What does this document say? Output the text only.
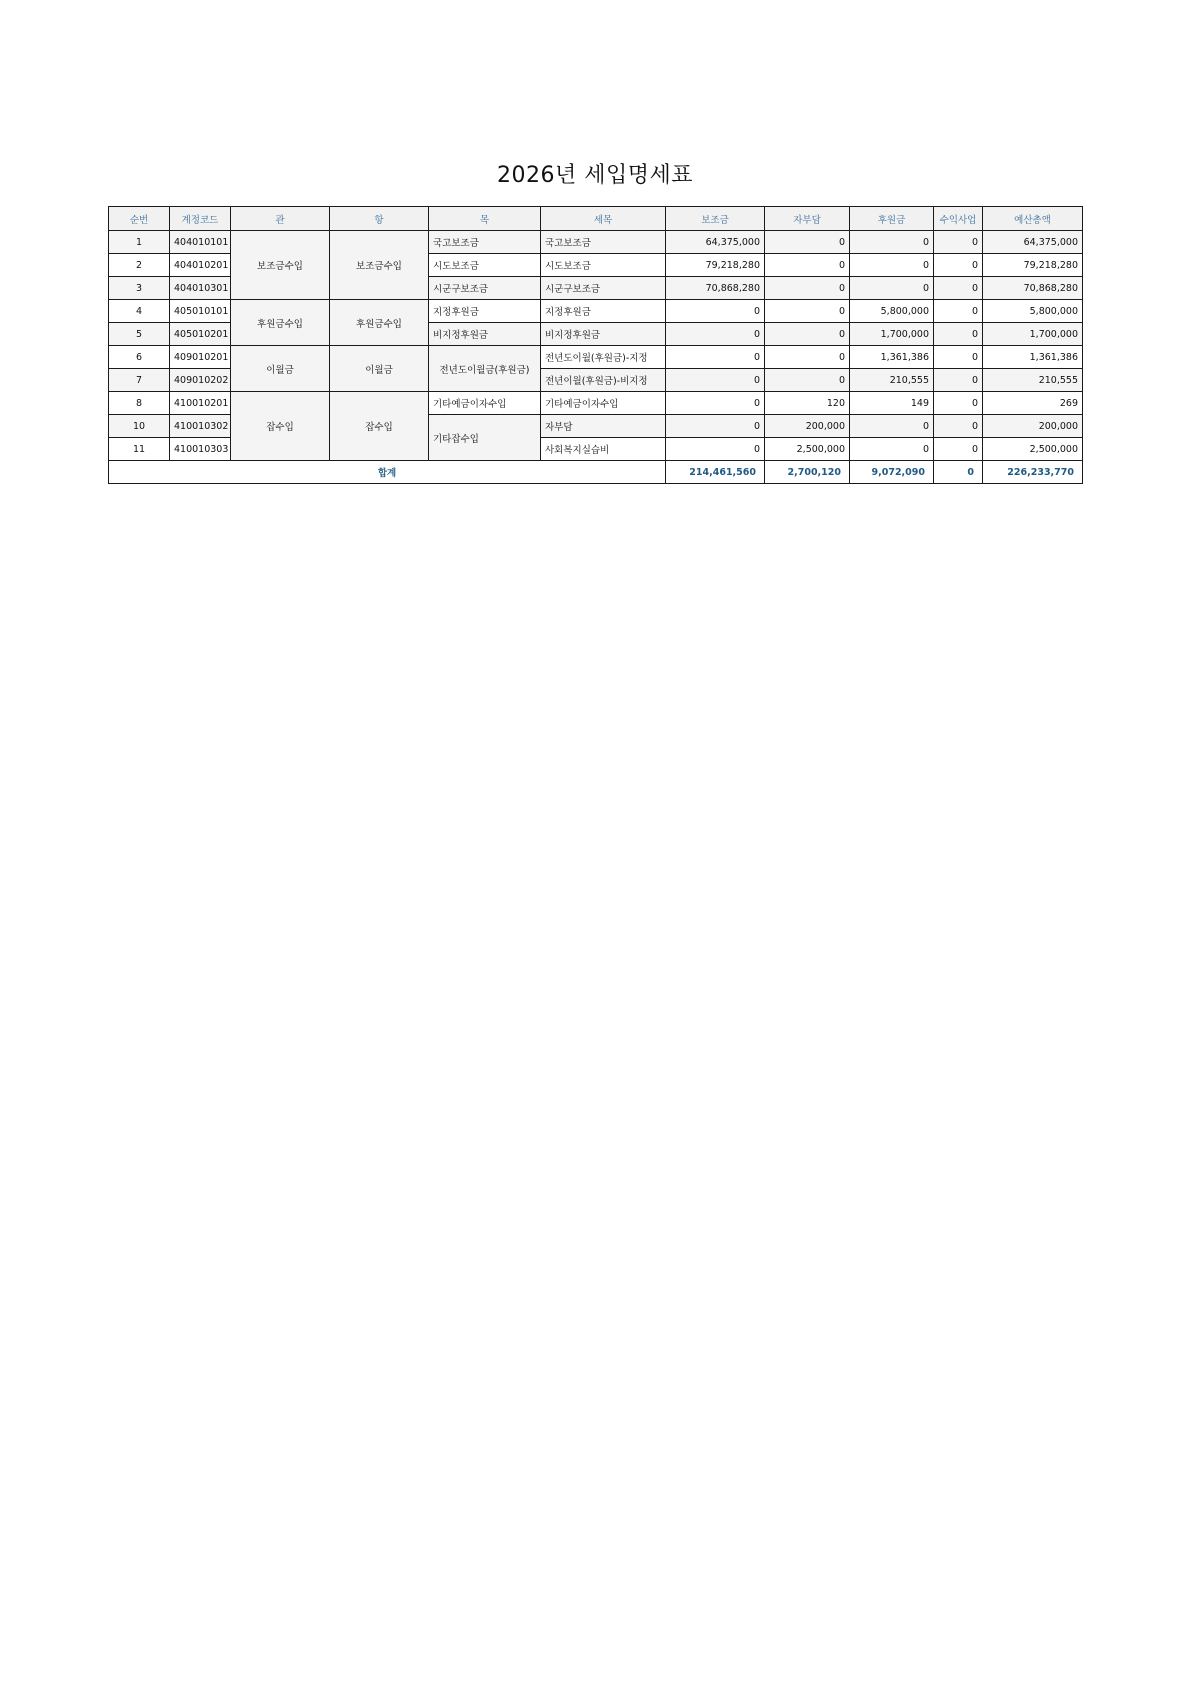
2026년 세입명세표
순번	계정코드	관	항	목	세목	보조금	자부담	후원금	수익사업	예산총액
1	404010101	보조금수입	보조금수입	국고보조금	국고보조금	64,375,000	0	0	0	64,375,000
2	404010201			시도보조금	시도보조금	79,218,280	0	0	0	79,218,280
3	404010301			시군구보조금	시군구보조금	70,868,280	0	0	0	70,868,280
4	405010101	후원금수입	후원금수입	지정후원금	지정후원금	0	0	5,800,000	0	5,800,000
5	405010201			비지정후원금	비지정후원금	0	0	1,700,000	0	1,700,000
6	409010201	이월금	이월금	전년도이월금(후원금)	전년도이월(후원금)-지정	0	0	1,361,386	0	1,361,386
7	409010202				전년이월(후원금)-비지정	0	0	210,555	0	210,555
8	410010201	잡수입	잡수입	기타예금이자수입	기타예금이자수입	0	120	149	0	269
10	410010302			기타잡수입	자부담	0	200,000	0	0	200,000
11	410010303				사회복지실습비	0	2,500,000	0	0	2,500,000
합계						214,461,560	2,700,120	9,072,090	0	226,233,770
